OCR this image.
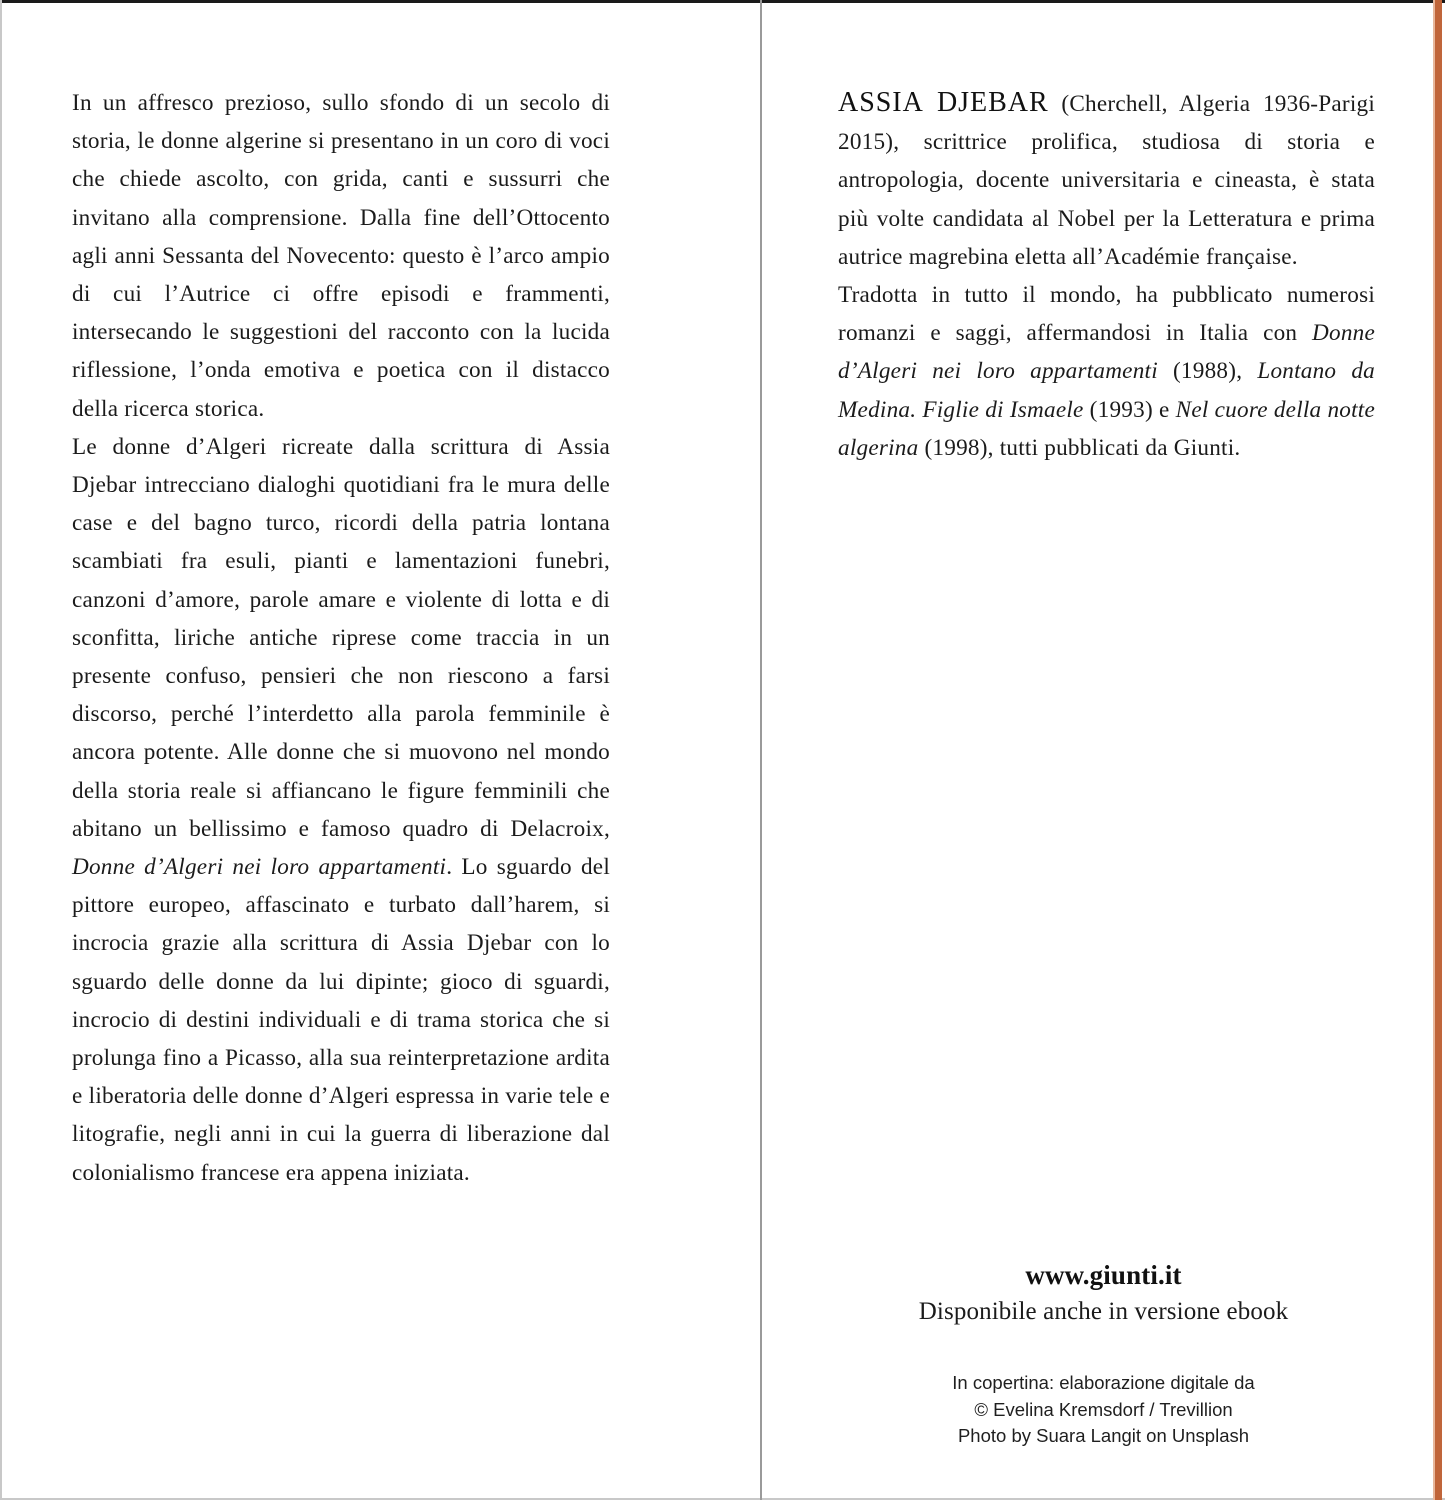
In un affresco prezioso, sullo sfondo di un secolo di storia, le donne algerine si presentano in un coro di voci che chiede ascolto, con grida, canti e sussurri che invitano alla comprensione. Dalla fine dell’Ottocento agli anni Sessanta del Novecento: questo è l’arco ampio di cui l’Autrice ci offre episodi e frammenti, intersecando le suggestioni del racconto con la lucida riflessione, l’onda emotiva e poetica con il distacco della ricerca storica.

Le donne d’Algeri ricreate dalla scrittura di Assia Djebar intrecciano dialoghi quotidiani fra le mura delle case e del bagno turco, ricordi della patria lontana scambiati fra esuli, pianti e lamentazioni funebri, canzoni d’amore, parole amare e violente di lotta e di sconfitta, liriche antiche riprese come traccia in un presente confuso, pensieri che non riescono a farsi discorso, perché l’interdetto alla parola femminile è ancora potente. Alle donne che si muovono nel mondo della storia reale si affiancano le figure femminili che abitano un bellissimo e famoso quadro di Delacroix, Donne d’Algeri nei loro appartamenti. Lo sguardo del pittore europeo, affascinato e turbato dall’harem, si incrocia grazie alla scrittura di Assia Djebar con lo sguardo delle donne da lui dipinte; gioco di sguardi, incrocio di destini individuali e di trama storica che si prolunga fino a Picasso, alla sua reinterpretazione ardita e liberatoria delle donne d’Algeri espressa in varie tele e litografie, negli anni in cui la guerra di liberazione dal colonialismo francese era appena iniziata.

ASSIA DJEBAR (Cherchell, Algeria 1936-Parigi 2015), scrittrice prolifica, studiosa di storia e antropologia, docente universitaria e cineasta, è stata più volte candidata al Nobel per la Letteratura e prima autrice magrebina eletta all’Académie française.

Tradotta in tutto il mondo, ha pubblicato numerosi romanzi e saggi, affermandosi in Italia con Donne d’Algeri nei loro appartamenti (1988), Lontano da Medina. Figlie di Ismaele (1993) e Nel cuore della notte algerina (1998), tutti pubblicati da Giunti.

www.giunti.it
Disponibile anche in versione ebook
In copertina: elaborazione digitale da
© Evelina Kremsdorf / Trevillion
Photo by Suara Langit on Unsplash
